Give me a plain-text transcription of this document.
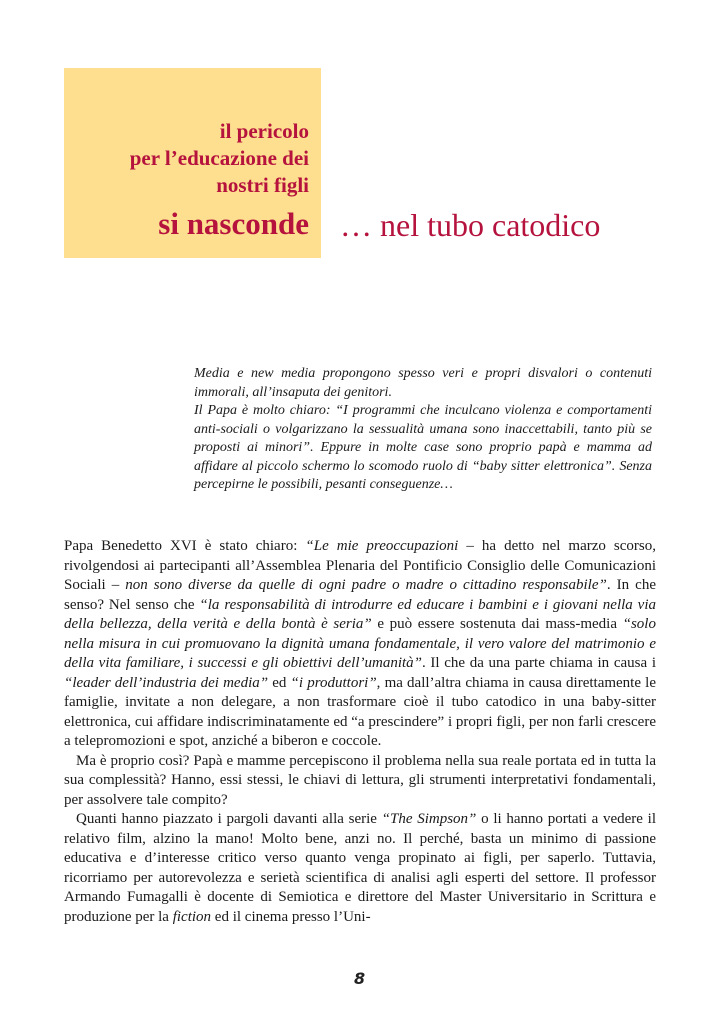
il pericolo
per l’educazione dei
nostri figli
si nasconde … nel tubo catodico

Media e new media propongono spesso veri e propri disvalori o contenuti immorali, all’insaputa dei genitori.

Il Papa è molto chiaro: “I programmi che inculcano violenza e comportamenti anti-sociali o volgarizzano la sessualità umana sono inaccettabili, tanto più se proposti ai minori”. Eppure in molte case sono proprio papà e mamma ad affidare al piccolo schermo lo scomodo ruolo di “baby sitter elettronica”. Senza percepirne le possibili, pesanti conseguenze…

Papa Benedetto XVI è stato chiaro: “Le mie preoccupazioni – ha detto nel marzo scorso, rivolgendosi ai partecipanti all’Assemblea Plenaria del Pontificio Consiglio delle Comunicazioni Sociali – non sono diverse da quelle di ogni padre o madre o cittadino responsabile”. In che senso? Nel senso che “la responsabilità di introdurre ed educare i bambini e i giovani nella via della bellezza, della verità e della bontà è seria” e può essere sostenuta dai mass-media “solo nella misura in cui promuovano la dignità umana fondamentale, il vero valore del matrimonio e della vita familiare, i successi e gli obiettivi dell’umanità”. Il che da una parte chiama in causa i “leader dell’industria dei media” ed “i produttori”, ma dall’altra chiama in causa direttamente le famiglie, invitate a non delegare, a non trasformare cioè il tubo catodico in una baby-sitter elettronica, cui affidare indiscriminatamente ed “a prescindere” i propri figli, per non farli crescere a telepromozioni e spot, anziché a biberon e coccole.

Ma è proprio così? Papà e mamme percepiscono il problema nella sua reale portata ed in tutta la sua complessità? Hanno, essi stessi, le chiavi di lettura, gli strumenti interpretativi fondamentali, per assolvere tale compito?

Quanti hanno piazzato i pargoli davanti alla serie “The Simpson” o li hanno portati a vedere il relativo film, alzino la mano! Molto bene, anzi no. Il perché, basta un minimo di passione educativa e d’interesse critico verso quanto venga propinato ai figli, per saperlo. Tuttavia, ricorriamo per autorevolezza e serietà scientifica di analisi agli esperti del settore. Il professor Armando Fumagalli è docente di Semiotica e direttore del Master Universitario in Scrittura e produzione per la fiction ed il cinema presso l’Uni-

8
